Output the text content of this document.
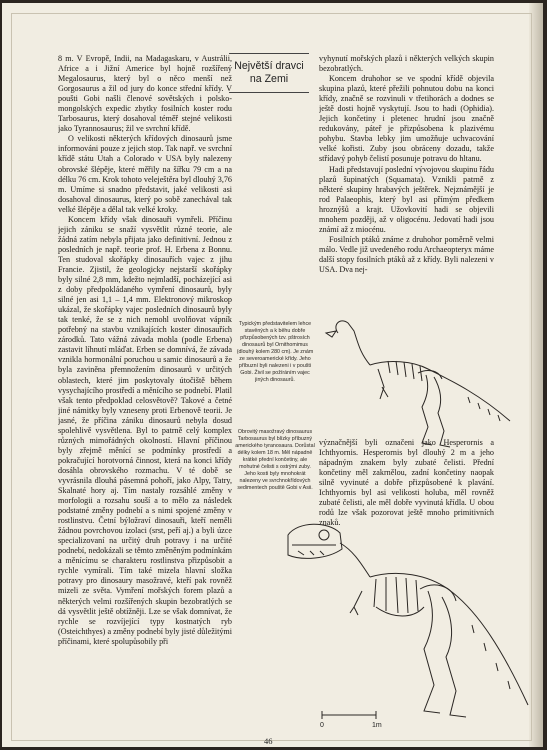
8 m. V Evropě, Indii, na Madagaskaru, v Austrálii, Africe a i Jižní Americe byl hojně rozšířený Megalosaurus, který byl o něco menší než Gorgosaurus a žil od jury do konce střední křídy. V poušti Gobi našli členové sovětských i polsko-mongolských expedic zbytky fosilních koster rodu Tarbosaurus, který dosahoval téměř stejné velikosti jako Tyrannosaurus; žil ve svrchní křídě.

O velikosti některých křídových dinosaurů jsme informováni pouze z jejich stop. Tak např. ve svrchní křídě státu Utah a Colorado v USA byly nalezeny obrovské šlépěje, které měřily na šířku 79 cm a na délku 76 cm. Krok tohoto veleještěra byl dlouhý 3,76 m. Umíme si snadno představit, jaké velikosti asi dosahoval dinosaurus, který po sobě zanechával tak velké šlépěje a dělal tak velké kroky.

Koncem křídy však dinosauři vymřeli. Příčinu jejich zániku se snaží vysvětlit různé teorie, ale žádná zatím nebyla přijata jako definitivní. Jednou z posledních je např. teorie prof. H. Erbena z Bonnu. Ten studoval skořápky dinosauřích vajec z jihu Francie. Zjistil, že geologicky nejstarší skořápky byly silné 2,8 mm, kdežto nejmladší, pocházející asi z doby předpokládaného vymření dinosaurů, byly silné jen asi 1,1 – 1,4 mm. Elektronový mikroskop ukázal, že skořápky vajec posledních dinosaurů byly tak tenké, že se z nich nemohl uvolňovat vápník potřebný na stavbu vznikajících koster dinosauřích zárodků. Tato vážná závada mohla (podle Erbena) zastavit líhnutí mláďat. Erben se domnívá, že závada vznikla hormonální poruchou u samic dinosaurů a že byla zaviněna přemnožením dinosaurů v určitých oblastech, které jim poskytovaly útočiště během vysychajícího prostředí a měnícího se podnebí. Platil však tento předpoklad celosvětově? Takové a četné jiné námitky byly vzneseny proti Erbenově teorii. Je jasné, že příčina zániku dinosaurů nebyla dosud spolehlivě vysvětlena. Byl to patrně celý komplex různých mimořádných okolností. Hlavní příčinou byly zřejmě měnící se podmínky prostředí a pokračující horotvorná činnost, která na konci křídy dosáhla obrovského rozmachu. V té době se vyvrásnila dlouhá pásemná pohoří, jako Alpy, Tatry, Skalnaté hory aj. Tím nastaly rozsáhlé změny v morfologii a rozsahu souší a to mělo za následek podstatné změny podnebí a s nimi spojené změny v rostlinstvu. Četní býložraví dinosauři, kteří neměli žádnou povrchovou izolaci (srst, peří aj.) a byli úzce specializovaní na určitý druh potravy i na určité podnebí, nedokázali se těmto změněným podmínkám a měnícímu se charakteru rostlinstva přizpůsobit a rychle vymírali. Tím také mizela hlavní složka potravy pro dinosaury masožravé, kteří pak rovněž mizeli ze světa. Vymření mořských forem plazů a některých velmi rozšířených skupin bezobratlých se dá vysvětlit ještě obtížněji. Lze se však domnívat, že rychle se rozvíjející typy kostnatých ryb (Osteichthyes) a změny podnebí byly jisté důležitými příčinami, které spolupůsobily při

Největší dravci
na Zemi

vyhynutí mořských plazů i některých velkých skupin bezobratlých.

Koncem druhohor se ve spodní křídě objevila skupina plazů, které přežili pohnutou dobu na konci křídy, značně se rozvinuli v třetihorách a dodnes se ještě dosti hojně vyskytují. Jsou to hadi (Ophidia). Jejich končetiny i pletenec hrudní jsou značně redukovány, páteř je přizpůsobena k plazivému pohybu. Stavba lebky jim umožňuje uchvacování velké kořisti. Zuby jsou obráceny dozadu, takže střídavý pohyb čelistí posunuje potravu do hltanu.

Hadi představují poslední vývojovou skupinu řádu plazů šupinatých (Squamata). Vznikli patrně z některé skupiny hrabavých ještěrek. Nejznámější je rod Palaeophis, který byl asi přímým předkem hroznýšů a krajt. Užovkovití hadi se objevili mnohem později, až v oligocénu. Jedovatí hadi jsou známí až z miocénu.

Fosilních ptáků známe z druhohor poměrně velmi málo. Vedle již uvedeného rodu Archaeopteryx máme další stopy fosilních ptáků až z křídy. Byli nalezeni v USA. Dva nej-

význačnější byli označeni jako Hesperornis a Ichthyornis. Hesperornis byl dlouhý 2 m a jeho nápadným znakem byly zubaté čelisti. Přední končetiny měl zakrnělou, zadní končetiny naopak silně vyvinuté a dobře přizpůsobené k plavání. Ichthyornis byl asi velikosti holuba, měl rovněž zubaté čelisti, ale měl dobře vyvinutá křídla. U obou rodů lze však pozorovat ještě mnoho primitivních znaků.

Typickým představitelem lehce stavěných a k běhu dobře přizpůsobených tzv. pštrosích dinosaurů byl Ornithomimus (dlouhý kolem 280 cm). Je znám ze severoamerické křídy. Jeho příbuzní byli nalezeni i v poušti Gobi. Živil se požíráním vajec jiných dinosaurů.
Obrovitý masožravý dinosaurus Tarbosaurus byl blízky příbuzný amerického tyranosaura. Dorůstal délky kolem 18 m. Měl nápadně krátké přední končetiny, ale mohutné čelisti s ostrými zuby. Jeho kosti byly mnohokrát nalezeny ve svrchnokřídových sedimentech pouště Gobi v Asii.
0	1m
46
